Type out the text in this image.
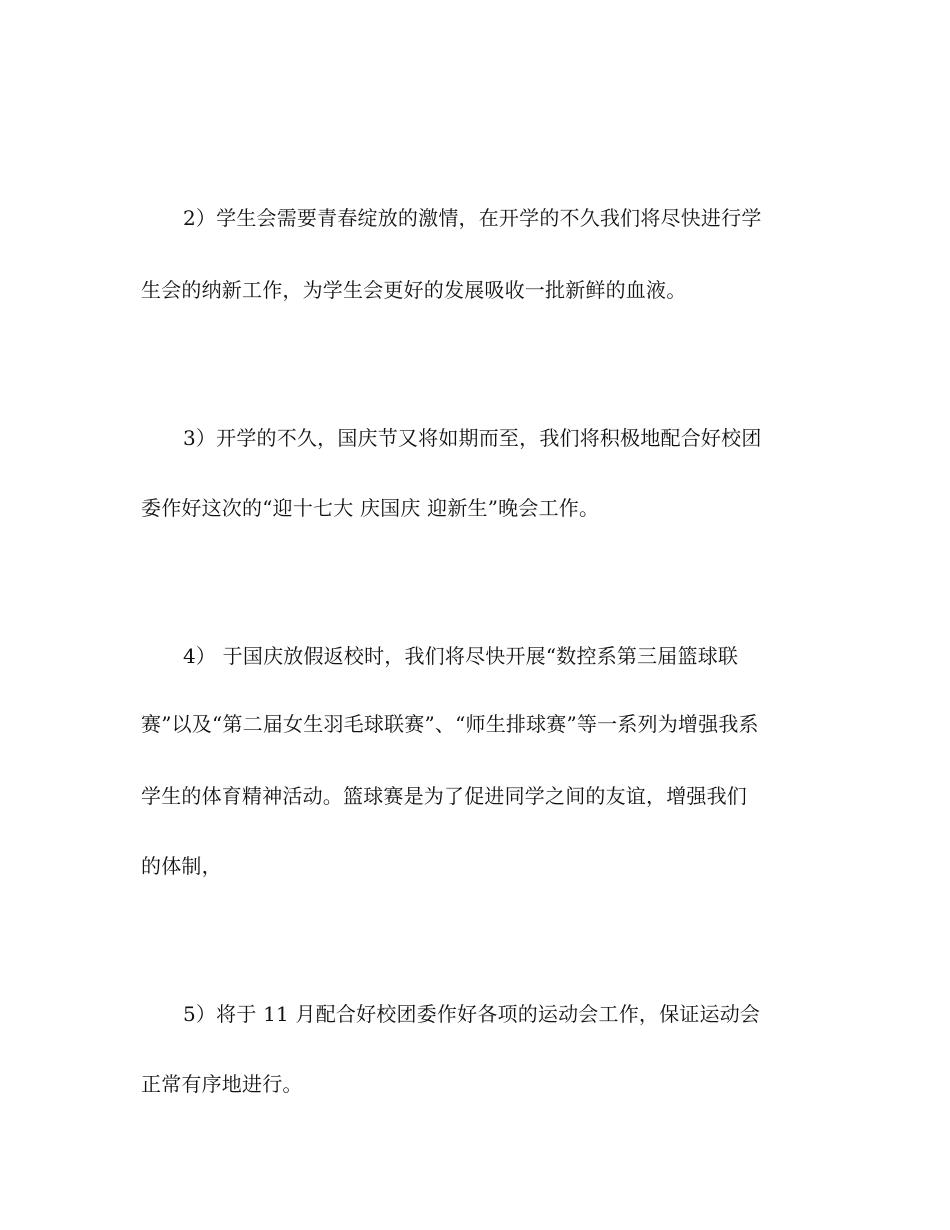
2）学生会需要青春绽放的激情，在开学的不久我们将尽快进行学

生会的纳新工作，为学生会更好的发展吸收一批新鲜的血液。

3）开学的不久，国庆节又将如期而至，我们将积极地配合好校团

委作好这次的“迎十七大 庆国庆 迎新生”晚会工作。

4） 于国庆放假返校时，我们将尽快开展“数控系第三届篮球联

赛”以及“第二届女生羽毛球联赛”、“师生排球赛”等一系列为增强我系

学生的体育精神活动。篮球赛是为了促进同学之间的友谊，增强我们

的体制，

5）将于 11 月配合好校团委作好各项的运动会工作，保证运动会

正常有序地进行。
